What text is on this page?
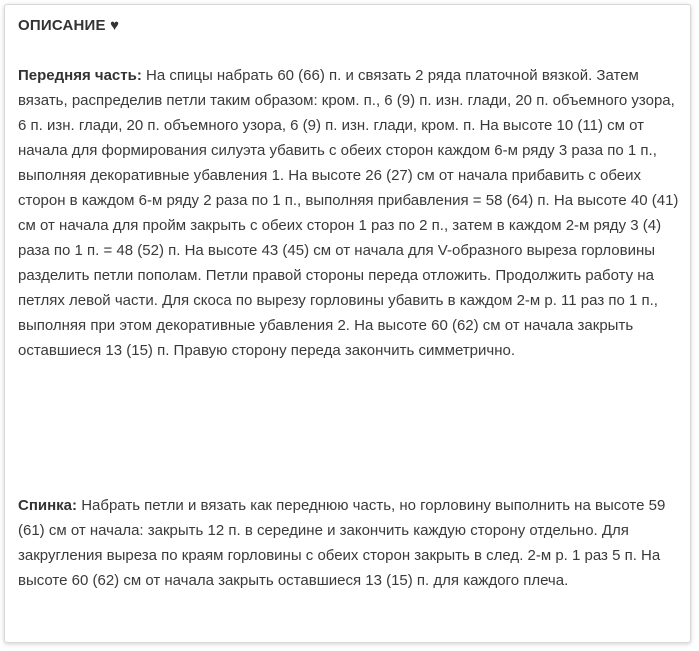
ОПИСАНИЕ ♥

Передняя часть: На спицы набрать 60 (66) п. и связать 2 ряда платочной вязкой. Затем вязать, распределив петли таким образом: кром. п., 6 (9) п. изн. глади, 20 п. объемного узора, 6 п. изн. глади, 20 п. объемного узора, 6 (9) п. изн. глади, кром. п. На высоте 10 (11) см от начала для формирования силуэта убавить с обеих сторон каждом 6-м ряду 3 раза по 1 п., выполняя декоративные убавления 1. На высоте 26 (27) см от начала прибавить с обеих сторон в каждом 6-м ряду 2 раза по 1 п., выполняя прибавления = 58 (64) п. На высоте 40 (41) см от начала для пройм закрыть с обеих сторон 1 раз по 2 п., затем в каждом 2-м ряду 3 (4) раза по 1 п. = 48 (52) п. На высоте 43 (45) см от начала для V-образного выреза горловины разделить петли пополам. Петли правой стороны переда отложить. Продолжить работу на петлях левой части. Для скоса по вырезу горловины убавить в каждом 2-м р. 11 раз по 1 п., выполняя при этом декоративные убавления 2. На высоте 60 (62) см от начала закрыть оставшиеся 13 (15) п. Правую сторону переда закончить симметрично.

Спинка: Набрать петли и вязать как переднюю часть, но горловину выполнить на высоте 59 (61) см от начала: закрыть 12 п. в середине и закончить каждую сторону отдельно. Для закругления выреза по краям горловины с обеих сторон закрыть в след. 2-м р. 1 раз 5 п. На высоте 60 (62) см от начала закрыть оставшиеся 13 (15) п. для каждого плеча.
